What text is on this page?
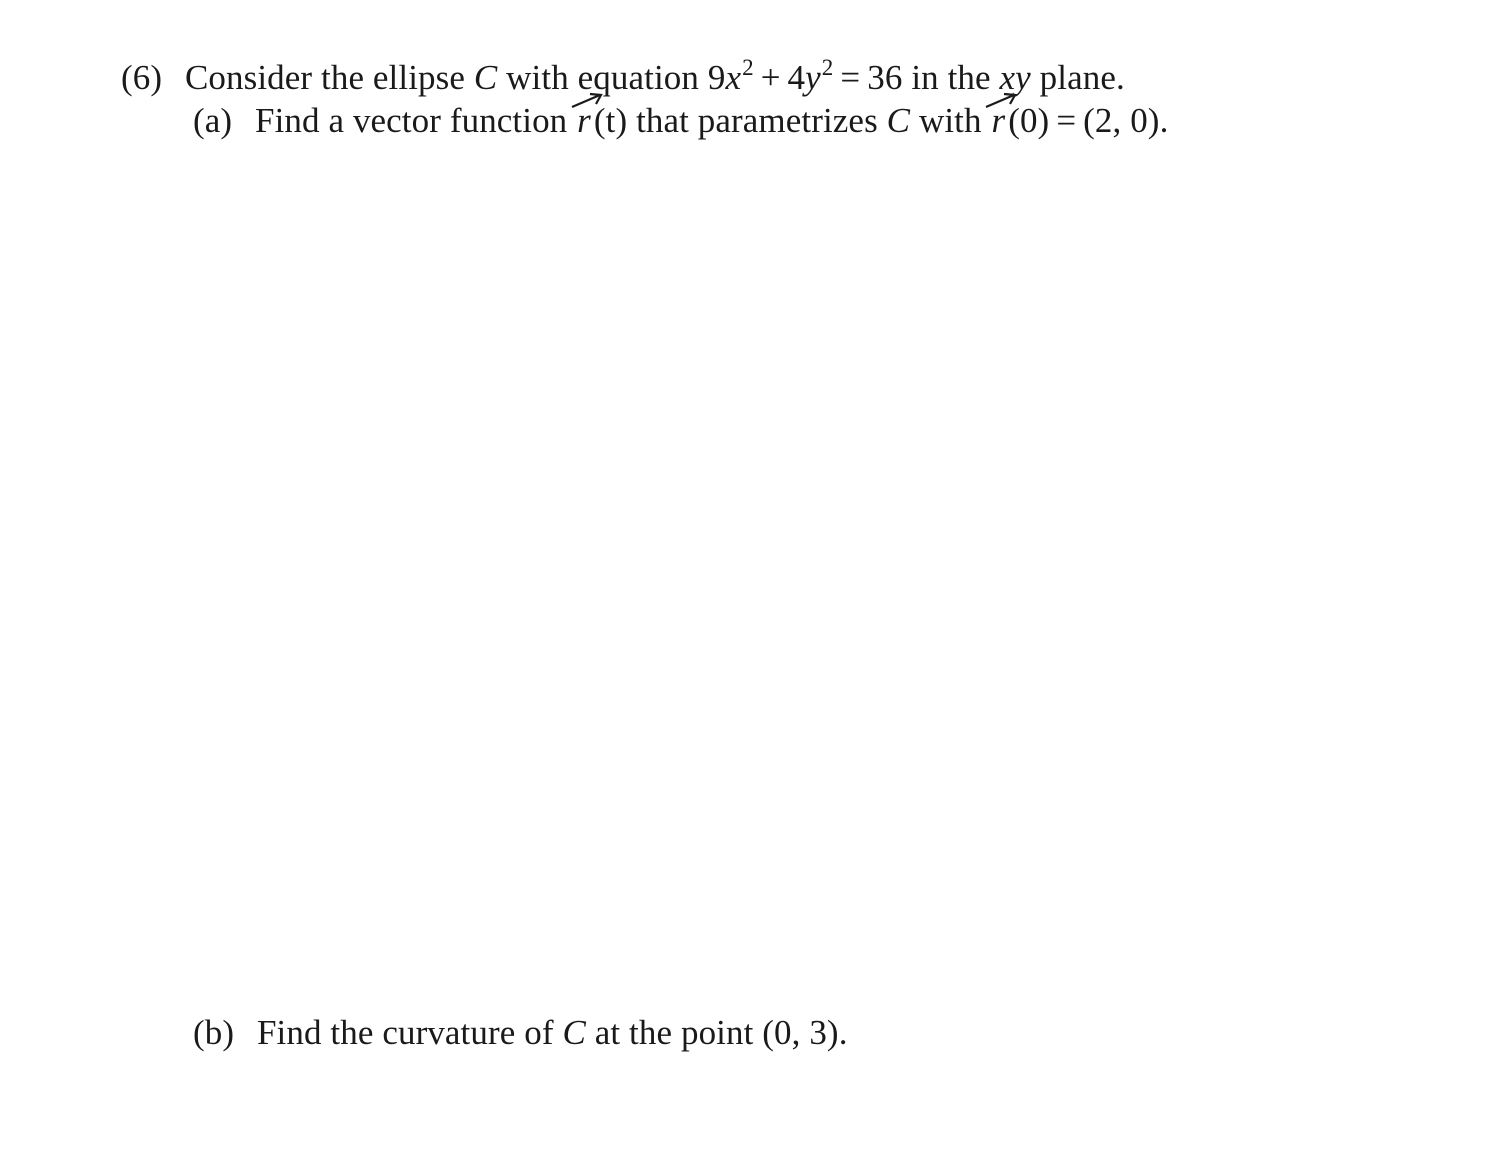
(6) Consider the ellipse C with equation $9x^2 + 4y^2 = 36$ in the xy plane.
(a) Find a vector function r(t) that parametrizes C with r(0) = (2, 0).
(b) Find the curvature of C at the point (0, 3).
